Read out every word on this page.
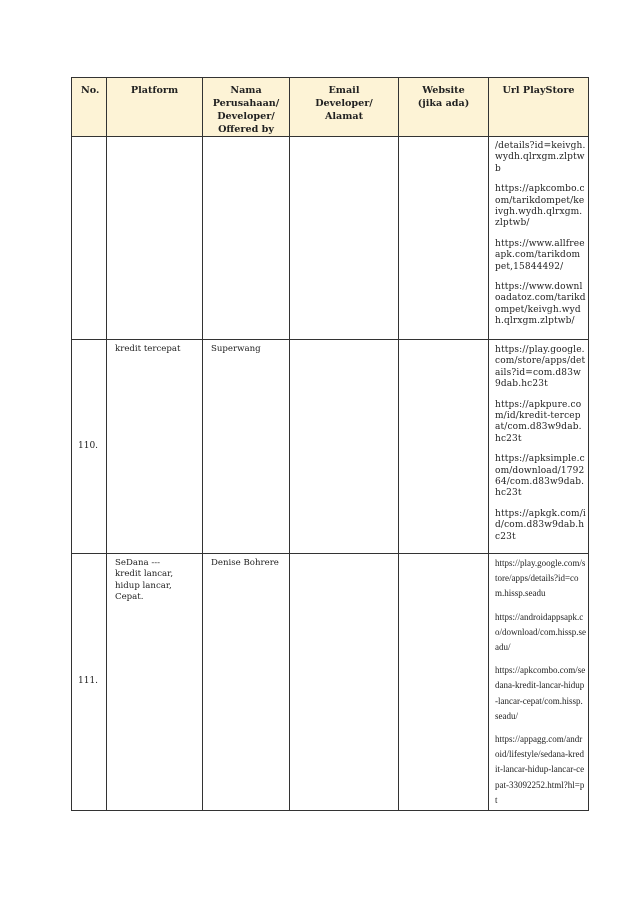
No.	Platform	Nama Perusahaan/ Developer/ Offered by	Email Developer/ Alamat	Website (jika ada)	Url PlayStore

					/details?id=keivgh.wydh.qlrxgm.zlptwb

https://apkcombo.com/tarikdompet/keivgh.wydh.qlrxgm.zlptwb/

https://www.allfreeapk.com/tarikdompet,15844492/

https://www.downloadatoz.com/tarikdompet/keivgh.wydh.qlrxgm.zlptwb/

110.	kredit tercepat	Superwang			https://play.google.com/store/apps/details?id=com.d83w9dab.hc23t

https://apkpure.com/id/kredit-tercepat/com.d83w9dab.hc23t

https://apksimple.com/download/179264/com.d83w9dab.hc23t

https://apkgk.com/id/com.d83w9dab.hc23t

111.	SeDana --- kredit lancar, hidup lancar, Cepat.	Denise Bohrere			https://play.google.com/store/apps/details?id=com.hissp.seadu

https://androidappsapk.co/download/com.hissp.seadu/

https://apkcombo.com/sedana-kredit-lancar-hidup-lancar-cepat/com.hissp.seadu/

https://appagg.com/android/lifestyle/sedana-kredit-lancar-hidup-lancar-cepat-33092252.html?hl=pt
